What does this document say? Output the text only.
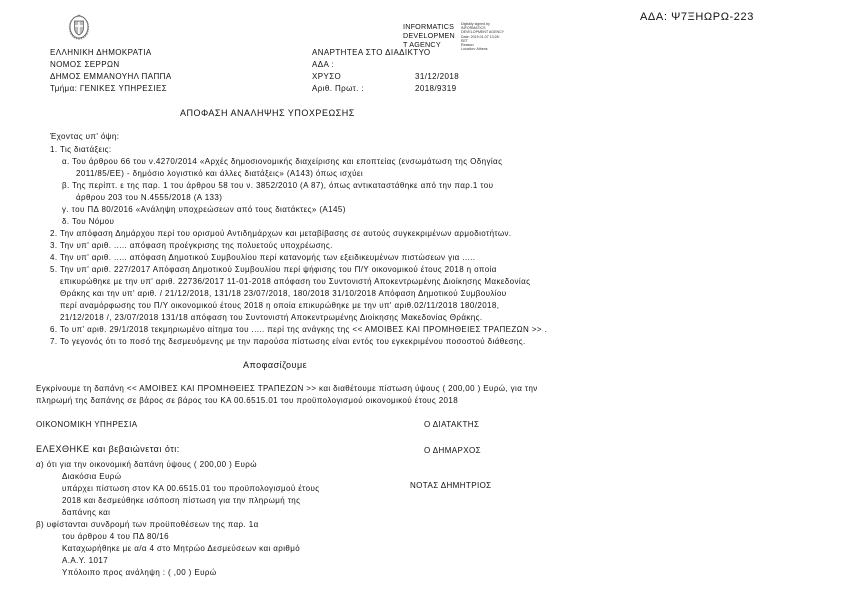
ΑΔΑ: Ψ7ΞΗΩΡΩ-223
INFORMATICS
DEVELOPMEN
T AGENCY
Digitally signed by
INFORMATICS
DEVELOPMENT AGENCY
Date: 2019.01.07 13:28:
EET
Reason:
Location: Athens
ΕΛΛΗΝΙΚΗ ΔΗΜΟΚΡΑΤΙΑ
ΝΟΜΟΣ ΣΕΡΡΩΝ
ΔΗΜΟΣ ΕΜΜΑΝΟΥΗΛ ΠΑΠΠΑ
Τμήμα: ΓΕΝΙΚΕΣ ΥΠΗΡΕΣΙΕΣ
ΑΝΑΡΤΗΤΕΑ ΣΤΟ ΔΙΑΔΙΚΤΥΟ
ΑΔΑ :
ΧΡΥΣΟ	31/12/2018
Αριθ. Πρωτ. :	2018/9319
ΑΠΟΦΑΣΗ ΑΝΑΛΗΨΗΣ ΥΠΟΧΡΕΩΣΗΣ
Έχοντας υπ' όψη:
1. Τις διατάξεις:
α. Του άρθρου 66 του ν.4270/2014 «Αρχές δημοσιονομικής διαχείρισης και εποπτείας (ενσωμάτωση της Οδηγίας
2011/85/ΕΕ) - δημόσιο λογιστικό και άλλες διατάξεις» (Α143) όπως ισχύει
β. Της περίπτ. ε της παρ. 1 του άρθρου 58 του ν. 3852/2010 (Α 87), όπως αντικαταστάθηκε από την παρ.1 του
άρθρου 203 του Ν.4555/2018 (Α 133)
γ. του ΠΔ 80/2016 «Ανάληψη υποχρεώσεων από τους διατάκτες» (Α145)
δ. Του Νόμου
2. Την απόφαση Δημάρχου περί του ορισμού Αντιδημάρχων και μεταβίβασης σε αυτούς συγκεκριμένων αρμοδιοτήτων.
3. Την υπ' αριθ. ..... απόφαση προέγκρισης της πολυετούς υποχρέωσης.
4. Την υπ' αριθ. ..... απόφαση Δημοτικού Συμβουλίου περί κατανομής των εξειδικευμένων πιστώσεων για .....
5. Την υπ' αριθ. 227/2017 Απόφαση Δημοτικού Συμβουλίου περί ψήφισης του Π/Υ οικονομικού έτους 2018 η οποία
επικυρώθηκε με την υπ' αριθ. 22736/2017 11-01-2018 απόφαση του Συντονιστή Αποκεντρωμένης Διοίκησης Μακεδονίας
Θράκης και την υπ' αριθ. / 21/12/2018, 131/18 23/07/2018, 180/2018 31/10/2018 Απόφαση Δημοτικού Συμβουλίου
περί αναμόρφωσης του Π/Υ οικονομικού έτους 2018 η οποία επικυρώθηκε με την υπ' αριθ.02/11/2018 180/2018,
21/12/2018 /, 23/07/2018 131/18 απόφαση του Συντονιστή Αποκεντρωμένης Διοίκησης Μακεδονίας Θράκης.
6. Το υπ' αριθ. 29/1/2018 τεκμηριωμένο αίτημα του ..... περί της ανάγκης της << ΑΜΟΙΒΕΣ ΚΑΙ ΠΡΟΜΗΘΕΙΕΣ ΤΡΑΠΕΖΩΝ >> .
7. Το γεγονός ότι το ποσό της δεσμευόμενης με την παρούσα πίστωσης είναι εντός του εγκεκριμένου ποσοστού διάθεσης.
Αποφασίζουμε
Εγκρίνουμε τη δαπάνη << ΑΜΟΙΒΕΣ ΚΑΙ ΠΡΟΜΗΘΕΙΕΣ ΤΡΑΠΕΖΩΝ >> και διαθέτουμε πίστωση ύψους ( 200,00 ) Ευρώ, για την
πληρωμή της δαπάνης σε βάρος σε βάρος του ΚΑ 00.6515.01 του προϋπολογισμού οικονομικού έτους 2018
ΟΙΚΟΝΟΜΙΚΗ ΥΠΗΡΕΣΙΑ	Ο ΔΙΑΤΑΚΤΗΣ
ΕΛΕΧΘΗΚΕ και βεβαιώνεται ότι:	Ο ΔΗΜΑΡΧΟΣ
ΝΟΤΑΣ ΔΗΜΗΤΡΙΟΣ
α) ότι για την οικονομική δαπάνη ύψους ( 200,00 ) Ευρώ
Διακόσια Ευρώ
υπάρχει πίστωση στον ΚΑ 00.6515.01 του προϋπολογισμού έτους
2018 και δεσμεύθηκε ισόποση πίστωση για την πληρωμή της
δαπάνης και
β) υφίστανται συνδρομή των προϋποθέσεων της παρ. 1α
του άρθρου 4 του ΠΔ 80/16
Καταχωρήθηκε με α/α 4 στο Μητρώο Δεσμεύσεων και αριθμό
Α.Α.Υ. 1017
Υπόλοιπο προς ανάληψη : ( ,00 ) Ευρώ
